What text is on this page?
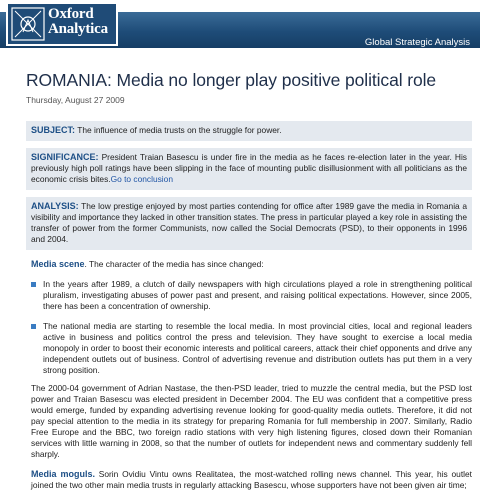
Global Strategic Analysis
Oxford
Analytica
ROMANIA: Media no longer play positive political role
Thursday, August 27 2009
SUBJECT: The influence of media trusts on the struggle for power.
SIGNIFICANCE: President Traian Basescu is under fire in the media as he faces re-election later in the year. His previously high poll ratings have been slipping in the face of mounting public disillusionment with all politicians as the economic crisis bites.Go to conclusion
ANALYSIS: The low prestige enjoyed by most parties contending for office after 1989 gave the media in Romania a visibility and importance they lacked in other transition states. The press in particular played a key role in assisting the transfer of power from the former Communists, now called the Social Democrats (PSD), to their opponents in 1996 and 2004.
Media scene. The character of the media has since changed:
In the years after 1989, a clutch of daily newspapers with high circulations played a role in strengthening political pluralism, investigating abuses of power past and present, and raising political expectations. However, since 2005, there has been a concentration of ownership.
The national media are starting to resemble the local media. In most provincial cities, local and regional leaders active in business and politics control the press and television. They have sought to exercise a local media monopoly in order to boost their economic interests and political careers, attack their chief opponents and drive any independent outlets out of business. Control of advertising revenue and distribution outlets has put them in a very strong position.
The 2000-04 government of Adrian Nastase, the then-PSD leader, tried to muzzle the central media, but the PSD lost power and Traian Basescu was elected president in December 2004. The EU was confident that a competitive press would emerge, funded by expanding advertising revenue looking for good-quality media outlets. Therefore, it did not pay special attention to the media in its strategy for preparing Romania for full membership in 2007. Similarly, Radio Free Europe and the BBC, two foreign radio stations with very high listening figures, closed down their Romanian services with little warning in 2008, so that the number of outlets for independent news and commentary suddenly fell sharply.
Media moguls. Sorin Ovidiu Vintu owns Realitatea, the most-watched rolling news channel. This year, his outlet joined the two other main media trusts in regularly attacking Basescu, whose supporters have not been given air time;
